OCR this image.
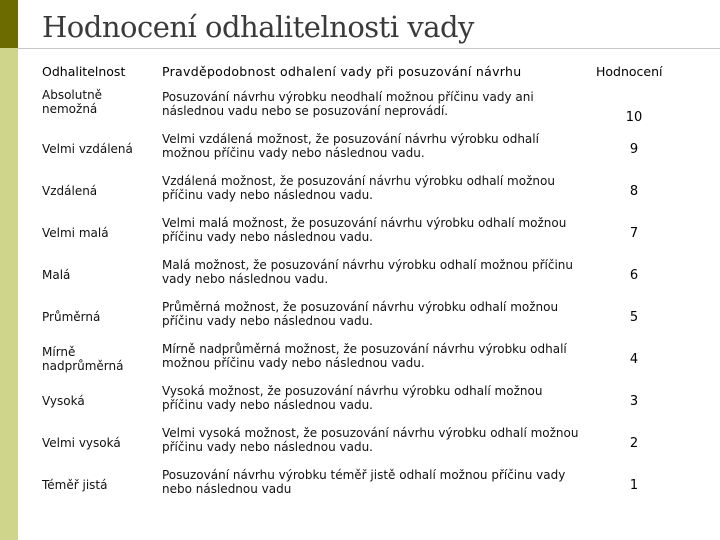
Hodnocení odhalitelnosti vady
Odhalitelnost	Pravděpodobnost odhalení vady při posuzování návrhu	Hodnocení
Absolutně nemožná
Posuzování návrhu výrobku neodhalí možnou příčinu vady ani následnou vadu nebo se posuzování neprovádí.	10
Velmi vzdálená
Velmi vzdálená možnost, že posuzování návrhu výrobku odhalí možnou příčinu vady nebo následnou vadu.	9
Vzdálená
Vzdálená možnost, že posuzování návrhu výrobku odhalí možnou příčinu vady nebo následnou vadu.	8
Velmi malá
Velmi malá možnost, že posuzování návrhu výrobku odhalí možnou příčinu vady nebo následnou vadu.	7
Malá
Malá možnost, že posuzování návrhu výrobku odhalí možnou příčinu vady nebo následnou vadu.	6
Průměrná
Průměrná možnost, že posuzování návrhu výrobku odhalí možnou příčinu vady nebo následnou vadu.	5
Mírně nadprůměrná
Mírně nadprůměrná možnost, že posuzování návrhu výrobku odhalí možnou příčinu vady nebo následnou vadu.	4
Vysoká
Vysoká možnost, že posuzování návrhu výrobku odhalí možnou příčinu vady nebo následnou vadu.	3
Velmi vysoká
Velmi vysoká možnost, že posuzování návrhu výrobku odhalí možnou příčinu vady nebo následnou vadu.	2
Téměř jistá
Posuzování návrhu výrobku téměř jistě odhalí možnou příčinu vady nebo následnou vadu	1
